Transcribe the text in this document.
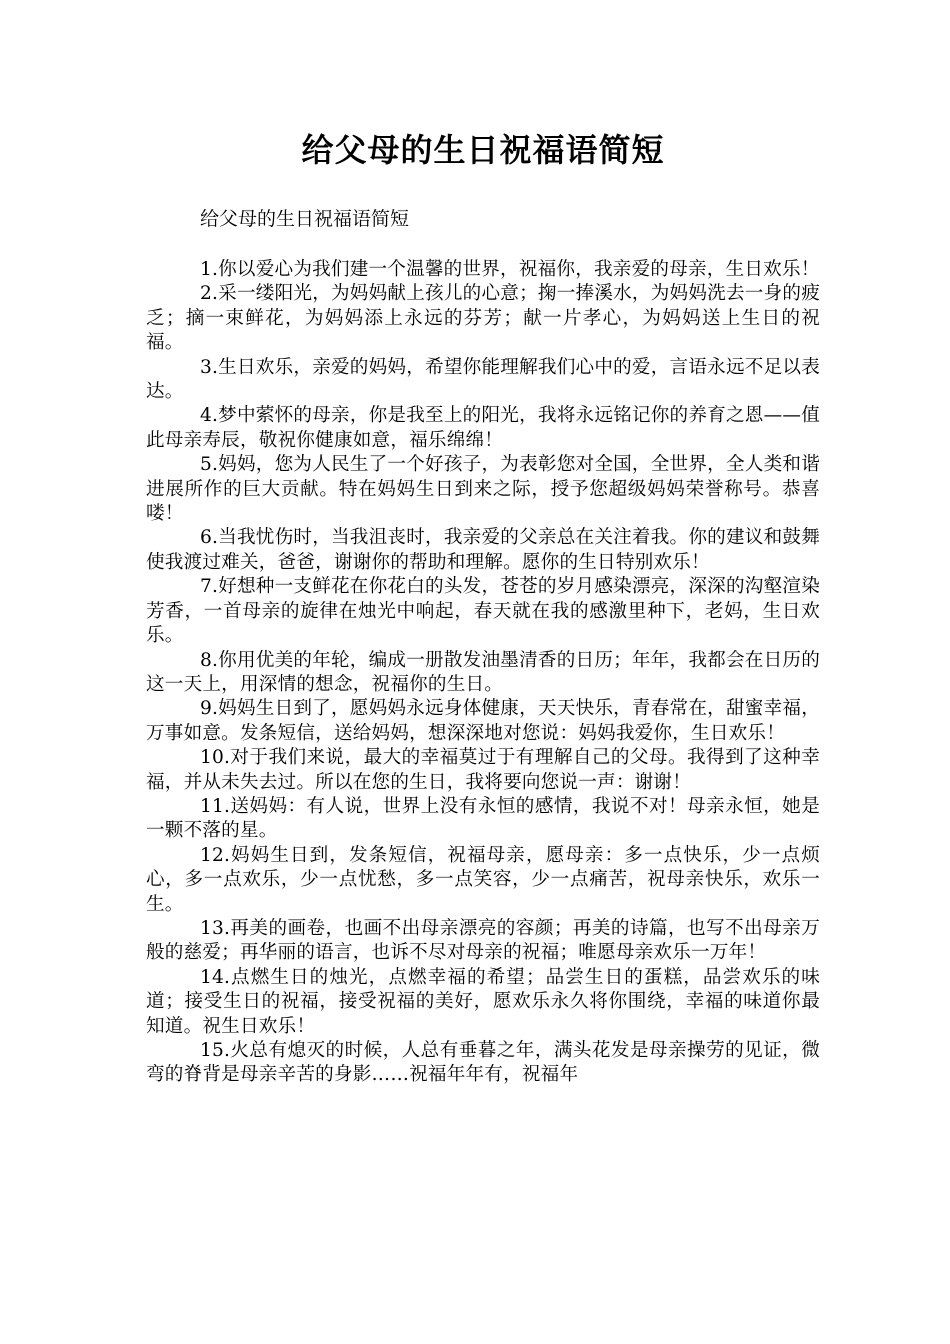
给父母的生日祝福语简短
给父母的生日祝福语简短

1.你以爱心为我们建一个温馨的世界，祝福你，我亲爱的母亲，生日欢乐！

2.采一缕阳光，为妈妈献上孩儿的心意；掬一捧溪水，为妈妈洗去一身的疲乏；摘一束鲜花，为妈妈添上永远的芬芳；献一片孝心，为妈妈送上生日的祝福。

3.生日欢乐，亲爱的妈妈，希望你能理解我们心中的爱，言语永远不足以表达。

4.梦中萦怀的母亲，你是我至上的阳光，我将永远铭记你的养育之恩——值此母亲寿辰，敬祝你健康如意，福乐绵绵！

5.妈妈，您为人民生了一个好孩子，为表彰您对全国，全世界，全人类和谐进展所作的巨大贡献。特在妈妈生日到来之际，授予您超级妈妈荣誉称号。恭喜喽！

6.当我忧伤时，当我沮丧时，我亲爱的父亲总在关注着我。你的建议和鼓舞使我渡过难关，爸爸，谢谢你的帮助和理解。愿你的生日特别欢乐！

7.好想种一支鲜花在你花白的头发，苍苍的岁月感染漂亮，深深的沟壑渲染芳香，一首母亲的旋律在烛光中响起，春天就在我的感激里种下，老妈，生日欢乐。

8.你用优美的年轮，编成一册散发油墨清香的日历；年年，我都会在日历的这一天上，用深情的想念，祝福你的生日。

9.妈妈生日到了，愿妈妈永远身体健康，天天快乐，青春常在，甜蜜幸福，万事如意。发条短信，送给妈妈，想深深地对您说：妈妈我爱你，生日欢乐！

10.对于我们来说，最大的幸福莫过于有理解自己的父母。我得到了这种幸福，并从未失去过。所以在您的生日，我将要向您说一声：谢谢！

11.送妈妈：有人说，世界上没有永恒的感情，我说不对！母亲永恒，她是一颗不落的星。

12.妈妈生日到，发条短信，祝福母亲，愿母亲：多一点快乐，少一点烦心，多一点欢乐，少一点忧愁，多一点笑容，少一点痛苦，祝母亲快乐，欢乐一生。

13.再美的画卷，也画不出母亲漂亮的容颜；再美的诗篇，也写不出母亲万般的慈爱；再华丽的语言，也诉不尽对母亲的祝福；唯愿母亲欢乐一万年！

14.点燃生日的烛光，点燃幸福的希望；品尝生日的蛋糕，品尝欢乐的味道；接受生日的祝福，接受祝福的美好，愿欢乐永久将你围绕，幸福的味道你最知道。祝生日欢乐！

15.火总有熄灭的时候，人总有垂暮之年，满头花发是母亲操劳的见证，微弯的脊背是母亲辛苦的身影……祝福年年有，祝福年
